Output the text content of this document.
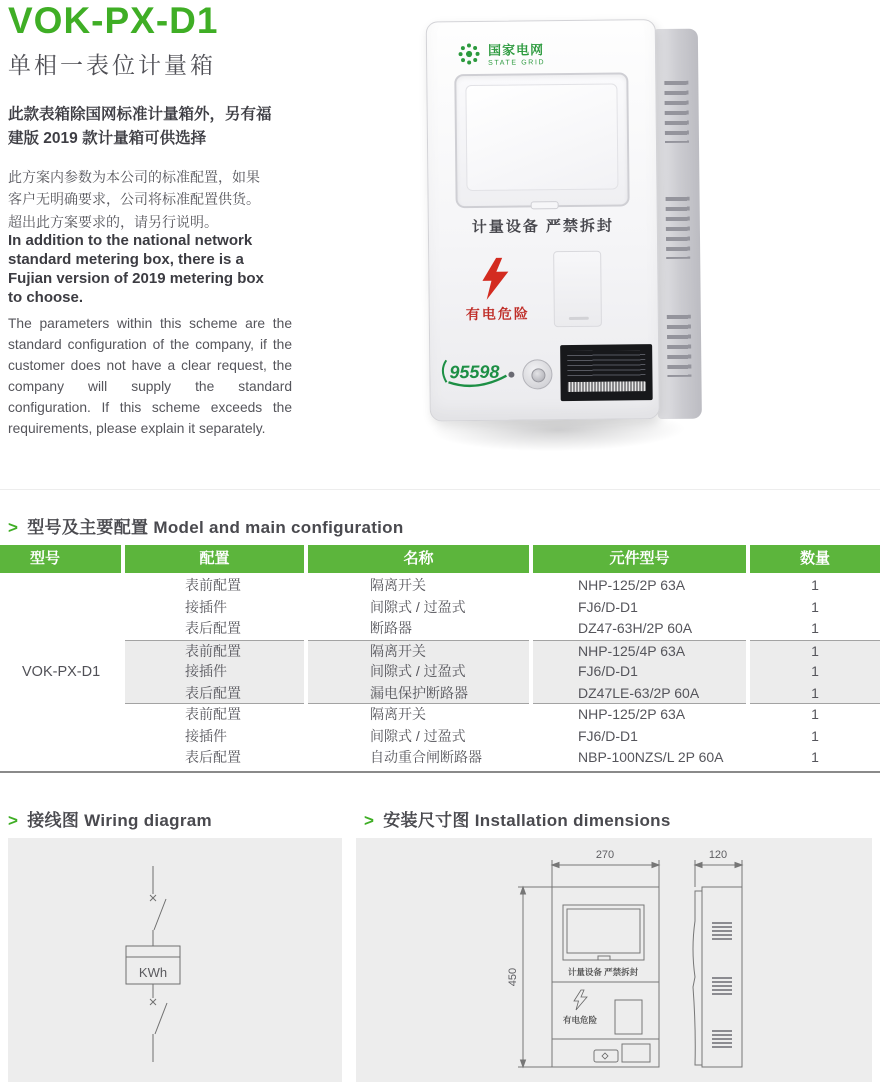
VOK-PX-D1
单相一表位计量箱
此款表箱除国网标准计量箱外，另有福建版 2019 款计量箱可供选择
此方案内参数为本公司的标准配置，如果客户无明确要求，公司将标准配置供货。超出此方案要求的，请另行说明。
In addition to the national network standard metering box, there is a Fujian version of 2019 metering box to choose.
The parameters within this scheme are the standard configuration of the company, if the customer does not have a clear request, the company will supply the standard configuration. If this scheme exceeds the requirements, please explain it separately.
国家电网
STATE GRID
计量设备 严禁拆封
有电危险
95598
> 型号及主要配置 Model and main configuration
型号	配置	名称	元件型号	数量
VOK-PX-D1
表前配置	隔离开关	NHP-125/2P 63A	1
接插件	间隙式 / 过盈式	FJ6/D-D1	1
表后配置	断路器	DZ47-63H/2P 60A	1
表前配置	隔离开关	NHP-125/4P 63A	1
接插件	间隙式 / 过盈式	FJ6/D-D1	1
表后配置	漏电保护断路器	DZ47LE-63/2P 60A	1
表前配置	隔离开关	NHP-125/2P 63A	1
接插件	间隙式 / 过盈式	FJ6/D-D1	1
表后配置	自动重合闸断路器	NBP-100NZS/L 2P 60A	1
> 接线图 Wiring diagram	> 安装尺寸图 Installation dimensions
KWh	计量设备 严禁拆封
有电危险
270	120
450
